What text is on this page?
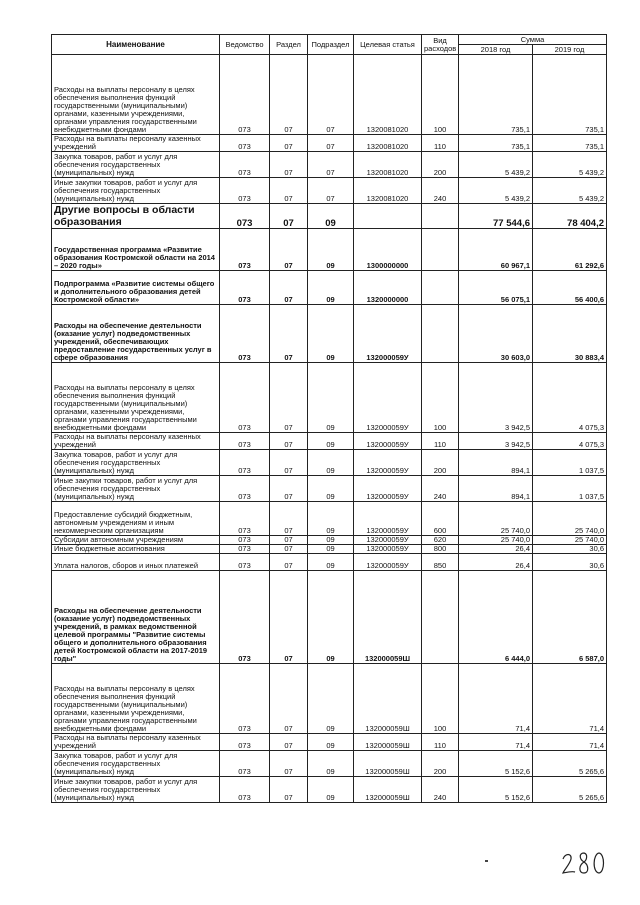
Наименование	Ведомство	Раздел	Подраздел	Целевая статья	Вид расходов	Сумма	
						2018 год	2019 год
Расходы на выплаты персоналу в целях обеспечения выполнения функций государственными (муниципальными) органами, казенными учреждениями, органами управления государственными внебюджетными фондами	073	07	07	1320081020	100	735,1	735,1
Расходы на выплаты персоналу казенных учреждений	073	07	07	1320081020	110	735,1	735,1
Закупка товаров, работ и услуг для обеспечения государственных (муниципальных) нужд	073	07	07	1320081020	200	5 439,2	5 439,2
Иные закупки товаров, работ и услуг для обеспечения государственных (муниципальных) нужд	073	07	07	1320081020	240	5 439,2	5 439,2
Другие вопросы в области образования	073	07	09			77 544,6	78 404,2
Государственная программа «Развитие образования Костромской области на 2014 – 2020 годы»	073	07	09	1300000000		60 967,1	61 292,6
Подпрограмма «Развитие системы общего и дополнительного образования детей Костромской области»	073	07	09	1320000000		56 075,1	56 400,6
Расходы на обеспечение деятельности (оказание услуг) подведомственных учреждений, обеспечивающих предоставление государственных услуг в сфере образования	073	07	09	132000059У		30 603,0	30 883,4
Расходы на выплаты персоналу в целях обеспечения выполнения функций государственными (муниципальными) органами, казенными учреждениями, органами управления государственными внебюджетными фондами	073	07	09	132000059У	100	3 942,5	4 075,3
Расходы на выплаты персоналу казенных учреждений	073	07	09	132000059У	110	3 942,5	4 075,3
Закупка товаров, работ и услуг для обеспечения государственных (муниципальных) нужд	073	07	09	132000059У	200	894,1	1 037,5
Иные закупки товаров, работ и услуг для обеспечения государственных (муниципальных) нужд	073	07	09	132000059У	240	894,1	1 037,5
Предоставление субсидий бюджетным, автономным учреждениям и иным некоммерческим организациям	073	07	09	132000059У	600	25 740,0	25 740,0
Субсидии автономным учреждениям	073	07	09	132000059У	620	25 740,0	25 740,0
Иные бюджетные ассигнования	073	07	09	132000059У	800	26,4	30,6
Уплата налогов, сборов и иных платежей	073	07	09	132000059У	850	26,4	30,6
Расходы на обеспечение деятельности (оказание услуг) подведомственных учреждений, в рамках ведомственной целевой программы "Развитие системы общего и дополнительного образования детей Костромской области на 2017-2019 годы"	073	07	09	132000059Ш		6 444,0	6 587,0
Расходы на выплаты персоналу в целях обеспечения выполнения функций государственными (муниципальными) органами, казенными учреждениями, органами управления государственными внебюджетными фондами	073	07	09	132000059Ш	100	71,4	71,4
Расходы на выплаты персоналу казенных учреждений	073	07	09	132000059Ш	110	71,4	71,4
Закупка товаров, работ и услуг для обеспечения государственных (муниципальных) нужд	073	07	09	132000059Ш	200	5 152,6	5 265,6
Иные закупки товаров, работ и услуг для обеспечения государственных (муниципальных) нужд	073	07	09	132000059Ш	240	5 152,6	5 265,6
